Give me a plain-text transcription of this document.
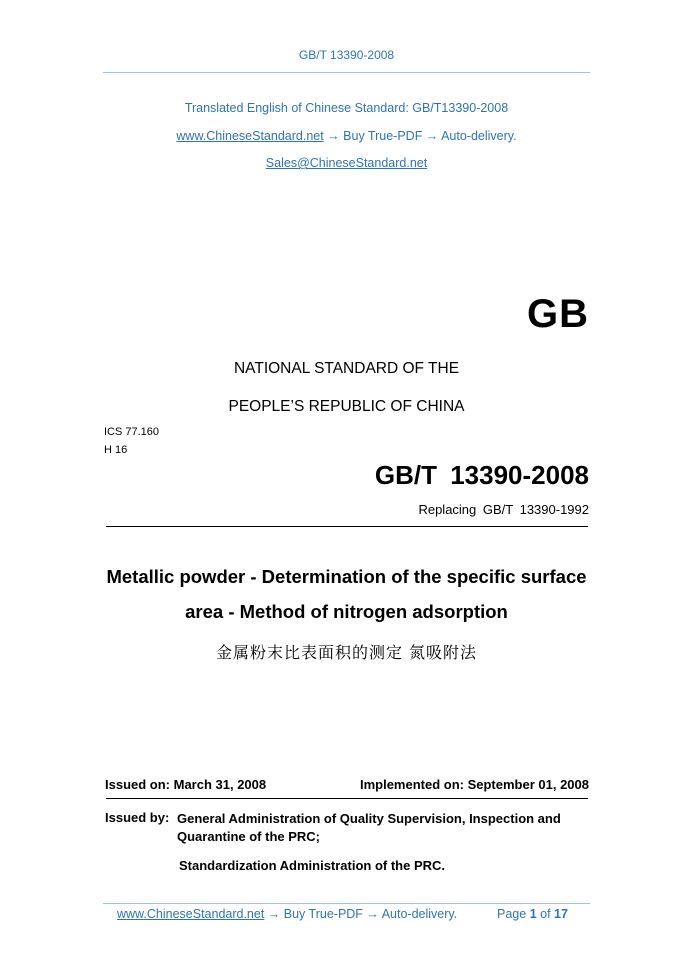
GB/T 13390-2008
Translated English of Chinese Standard: GB/T13390-2008
www.ChineseStandard.net → Buy True-PDF → Auto-delivery.
Sales@ChineseStandard.net
GB
NATIONAL STANDARD OF THE
PEOPLE’S REPUBLIC OF CHINA
ICS 77.160
H 16
GB/T 13390-2008
Replacing GB/T 13390-1992
Metallic powder - Determination of the specific surface
area - Method of nitrogen adsorption
金属粉末比表面积的测定 氮吸附法
Issued on: March 31, 2008	Implemented on: September 01, 2008
Issued by: General Administration of Quality Supervision, Inspection and Quarantine of the PRC;
Standardization Administration of the PRC.
www.ChineseStandard.net → Buy True-PDF → Auto-delivery.	Page 1 of 17
